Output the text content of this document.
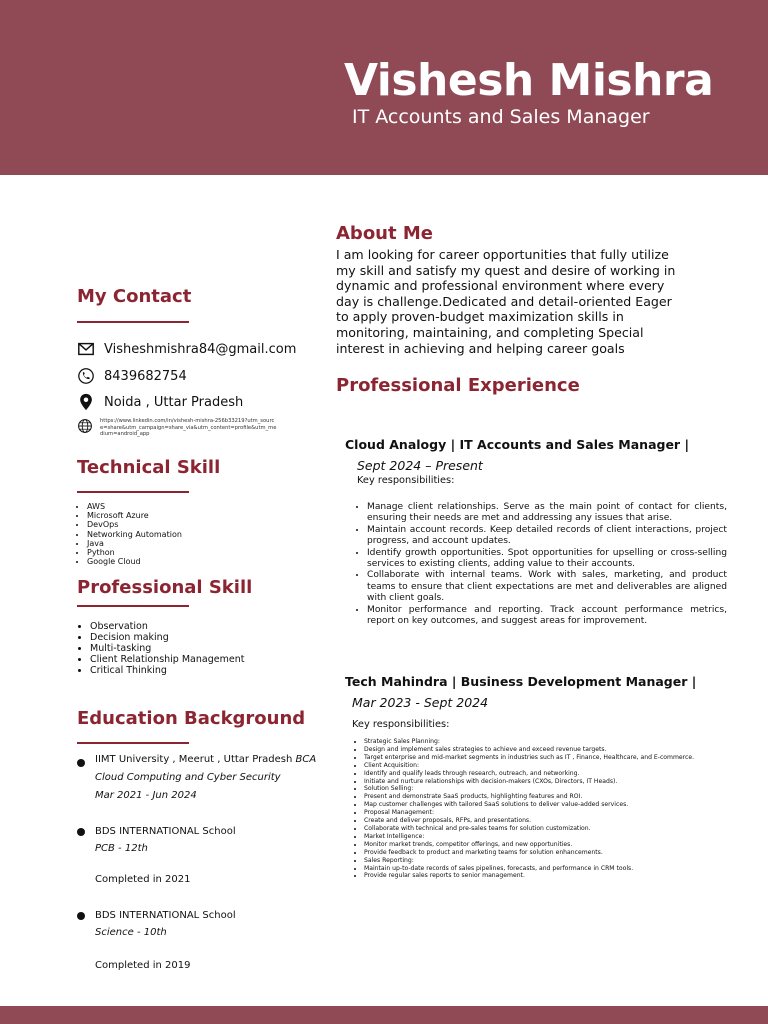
Vishesh Mishra
IT Accounts and Sales Manager
My Contact
Visheshmishra84@gmail.com
8439682754
Noida , Uttar Pradesh
https://www.linkedin.com/in/vishesh-mishra-256b33219?utm_source=share&utm_campaign=share_via&utm_content=profile&utm_medium=android_app
Technical Skill
• AWS
• Microsoft Azure
• DevOps
• Networking Automation
• Java
• Python
• Google Cloud
Professional Skill
• Observation
• Decision making
• Multi-tasking
• Client Relationship Management
• Critical Thinking
Education Background
IIMT University , Meerut , Uttar Pradesh BCA
Cloud Computing and Cyber Security
Mar 2021 - Jun 2024
BDS INTERNATIONAL School
PCB - 12th
Completed in 2021
BDS INTERNATIONAL School
Science - 10th
Completed in 2019
About Me
I am looking for career opportunities that fully utilize my skill and satisfy my quest and desire of working in dynamic and professional environment where every day is challenge.Dedicated and detail-oriented Eager to apply proven-budget maximization skills in monitoring, maintaining, and completing Special interest in achieving and helping career goals
Professional Experience
Cloud Analogy | IT Accounts and Sales Manager |
Sept 2024 – Present
Key responsibilities:
• Manage client relationships. Serve as the main point of contact for clients, ensuring their needs are met and addressing any issues that arise.
• Maintain account records. Keep detailed records of client interactions, project progress, and account updates.
• Identify growth opportunities. Spot opportunities for upselling or cross-selling services to existing clients, adding value to their accounts.
• Collaborate with internal teams. Work with sales, marketing, and product teams to ensure that client expectations are met and deliverables are aligned with client goals.
• Monitor performance and reporting. Track account performance metrics, report on key outcomes, and suggest areas for improvement.
Tech Mahindra | Business Development Manager |
Mar 2023 - Sept 2024
Key responsibilities:
• Strategic Sales Planning:
• Design and implement sales strategies to achieve and exceed revenue targets.
• Target enterprise and mid-market segments in industries such as IT , Finance, Healthcare, and E-commerce.
• Client Acquisition:
• Identify and qualify leads through research, outreach, and networking.
• Initiate and nurture relationships with decision-makers (CXOs, Directors, IT Heads).
• Solution Selling:
• Present and demonstrate SaaS products, highlighting features and ROI.
• Map customer challenges with tailored SaaS solutions to deliver value-added services.
• Proposal Management:
• Create and deliver proposals, RFPs, and presentations.
• Collaborate with technical and pre-sales teams for solution customization.
• Market Intelligence:
• Monitor market trends, competitor offerings, and new opportunities.
• Provide feedback to product and marketing teams for solution enhancements.
• Sales Reporting:
• Maintain up-to-date records of sales pipelines, forecasts, and performance in CRM tools.
• Provide regular sales reports to senior management.
